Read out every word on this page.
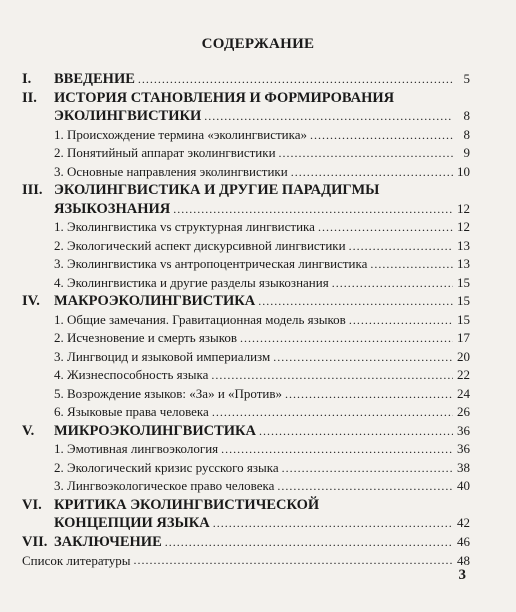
СОДЕРЖАНИЕ
I.	ВВЕДЕНИЕ .....	5
II.	ИСТОРИЯ СТАНОВЛЕНИЯ И ФОРМИРОВАНИЯ
ЭКОЛИНГВИСТИКИ .....	8
1. Происхождение термина «эколингвистика» .....	8
2. Понятийный аппарат эколингвистики .....	9
3. Основные направления эколингвистики .....	10
III. ЭКОЛИНГВИСТИКА И ДРУГИЕ ПАРАДИГМЫ
ЯЗЫКОЗНАНИЯ .....	12
1. Эколингвистика vs структурная лингвистика .....	12
2. Экологический аспект дискурсивной лингвистики .....	13
3. Эколингвистика vs антропоцентрическая лингвистика .....	13
4. Эколингвистика и другие разделы языкознания .....	15
IV. МАКРОЭКОЛИНГВИСТИКА .....	15
1. Общие замечания. Гравитационная модель языков .....	15
2. Исчезновение и смерть языков .....	17
3. Лингвоцид и языковой империализм .....	20
4. Жизнеспособность языка .....	22
5. Возрождение языков: «За» и «Против» .....	24
6. Языковые права человека .....	26
V.	МИКРОЭКОЛИНГВИСТИКА .....	36
1. Эмотивная лингвоэкология .....	36
2. Экологический кризис русского языка .....	38
3. Лингвоэкологическое право человека .....	40
VI. КРИТИКА ЭКОЛИНГВИСТИЧЕСКОЙ
КОНЦЕПЦИИ ЯЗЫКА .....	42
VII. ЗАКЛЮЧЕНИЕ .....	46
Список литературы .....	48
3
